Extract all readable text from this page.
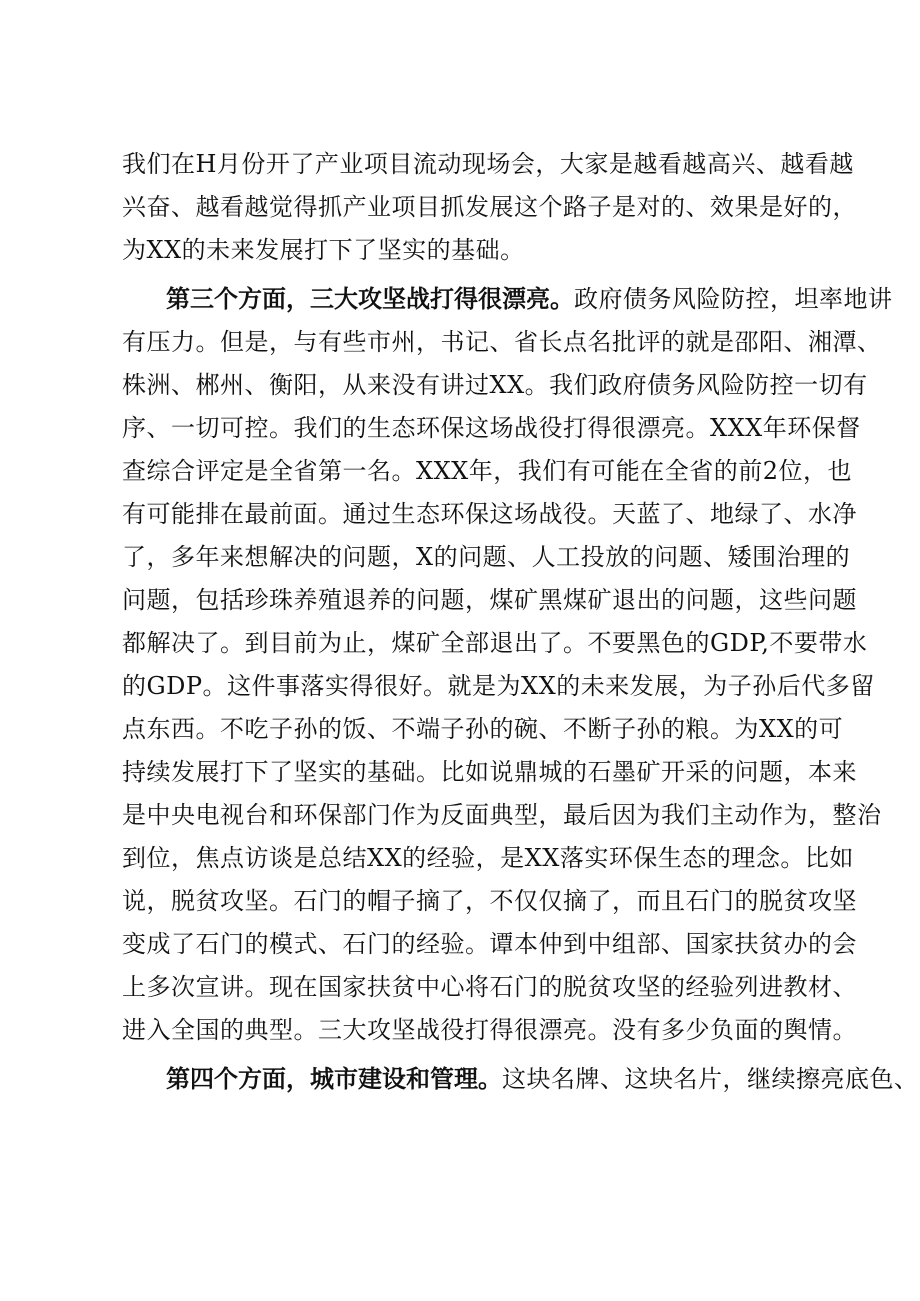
我们在H月份开了产业项目流动现场会，大家是越看越高兴、越看越
兴奋、越看越觉得抓产业项目抓发展这个路子是对的、效果是好的，
为XX的未来发展打下了坚实的基础。
第三个方面，三大攻坚战打得很漂亮。政府债务风险防控，坦率地讲
有压力。但是，与有些市州，书记、省长点名批评的就是邵阳、湘潭、
株洲、郴州、衡阳，从来没有讲过XX。我们政府债务风险防控一切有
序、一切可控。我们的生态环保这场战役打得很漂亮。XXX年环保督
查综合评定是全省第一名。XXX年，我们有可能在全省的前2位，也
有可能排在最前面。通过生态环保这场战役。天蓝了、地绿了、水净
了，多年来想解决的问题，X的问题、人工投放的问题、矮围治理的
问题，包括珍珠养殖退养的问题，煤矿黑煤矿退出的问题，这些问题
都解决了。到目前为止，煤矿全部退出了。不要黑色的GDP,不要带水
的GDP。这件事落实得很好。就是为XX的未来发展，为子孙后代多留
点东西。不吃子孙的饭、不端子孙的碗、不断子孙的粮。为XX的可
持续发展打下了坚实的基础。比如说鼎城的石墨矿开采的问题，本来
是中央电视台和环保部门作为反面典型，最后因为我们主动作为，整治
到位，焦点访谈是总结XX的经验，是XX落实环保生态的理念。比如
说，脱贫攻坚。石门的帽子摘了，不仅仅摘了，而且石门的脱贫攻坚
变成了石门的模式、石门的经验。谭本仲到中组部、国家扶贫办的会
上多次宣讲。现在国家扶贫中心将石门的脱贫攻坚的经验列进教材、
进入全国的典型。三大攻坚战役打得很漂亮。没有多少负面的舆情。
第四个方面，城市建设和管理。这块名牌、这块名片，继续擦亮底色、
